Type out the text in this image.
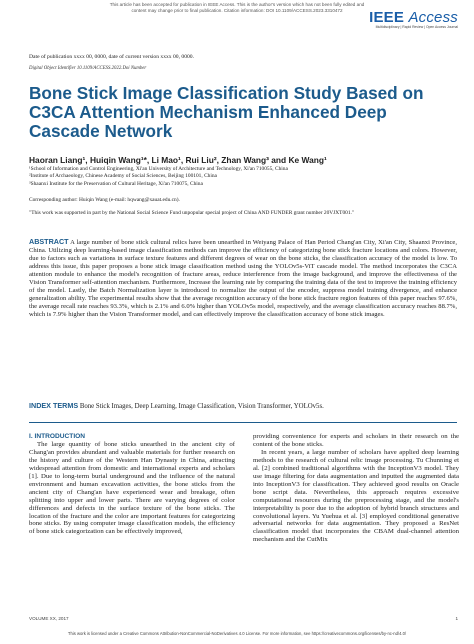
This article has been accepted for publication in IEEE Access. This is the author's version which has not been fully edited and
content may change prior to final publication. Citation information: DOI 10.1109/ACCESS.2023.3310472	IEEE Access
Multidisciplinary | Rapid Review | Open Access Journal
Date of publication xxxx 00, 0000, date of current version xxxx 00, 0000.
Digital Object Identifier 10.1109/ACCESS.2022.Doi Number
Bone Stick Image Classification Study Based on C3CA Attention Mechanism Enhanced Deep Cascade Network
Haoran Liang¹, Huiqin Wang¹*, Li Mao¹, Rui Liu², Zhan Wang³ and Ke Wang¹
¹School of Information and Control Engineering, Xi'an University of Architecture and Technology, Xi'an 710055, China
²Institute of Archaeology, Chinese Academy of Social Sciences, Beijing 100101, China
³Shaanxi Institute for the Preservation of Cultural Heritage, Xi'an 710075, China
Corresponding author: Huiqin Wang (e-mail: hqwang@xauat.edu.cn).
"This work was supported in part by the National Social Science Fund unpopular special project of China AND FUNDER grant number 20VJXT001."
ABSTRACT A large number of bone stick cultural relics have been unearthed in Weiyang Palace of Han Period Chang'an City, Xi'an City, Shaanxi Province, China. Utilizing deep learning-based image classification methods can improve the efficiency of categorizing bone stick fracture locations and colors. However, due to factors such as variations in surface texture features and different degrees of wear on the bone sticks, the classification accuracy of the model is low. To address this issue, this paper proposes a bone stick image classification method using the YOLOv5s-ViT cascade model. The method incorporates the C3CA attention module to enhance the model's recognition of fracture areas, reduce interference from the image background, and improve the effectiveness of the Vision Transformer self-attention mechanism. Furthermore, Increase the learning rate by comparing the training data of the test to improve the training efficiency of the model. Lastly, the Batch Normalization layer is introduced to normalize the output of the encoder, suppress model training divergence, and enhance generalization ability. The experimental results show that the average recognition accuracy of the bone stick fracture region features of this paper reaches 97.6%, the average recall rate reaches 93.3%, which is 2.1% and 6.0% higher than YOLOv5s model, respectively, and the average classification accuracy reaches 88.7%, which is 7.9% higher than the Vision Transformer model, and can effectively improve the classification accuracy of bone stick images.
INDEX TERMS Bone Stick Images, Deep Learning, Image Classification, Vision Transformer, YOLOv5s.

I. INTRODUCTION

The large quantity of bone sticks unearthed in the ancient city of Chang'an provides abundant and valuable materials for further research on the history and culture of the Western Han Dynasty in China, attracting widespread attention from domestic and international experts and scholars [1]. Due to long-term burial underground and the influence of the natural environment and human excavation activities, the bone sticks from the ancient city of Chang'an have experienced wear and breakage, often splitting into upper and lower parts. There are varying degrees of color differences and defects in the surface texture of the bone sticks. The location of the fracture and the color are important features for categorizing bone sticks. By using computer image classification models, the efficiency of bone stick categorization can be effectively improved,

providing convenience for experts and scholars in their research on the content of the bone sticks.

In recent years, a large number of scholars have applied deep learning methods to the research of cultural relic image processing. Tu Chunning et al. [2] combined traditional algorithms with the InceptionV3 model. They use image filtering for data augmentation and inputted the augmented data into InceptionV3 for classification. They achieved good results on Oracle bone script data. Nevertheless, this approach requires excessive computational resources during the preprocessing stage, and the model's interpretability is poor due to the adoption of hybrid branch structures and convolutional layers. Yu Yuehua et al. [3] employed conditional generative adversarial networks for data augmentation. They proposed a ResNet classification model that incorporates the CBAM dual-channel attention mechanism and the CutMix

VOLUME XX, 2017	1
This work is licensed under a Creative Commons Attribution-NonCommercial-NoDerivatives 4.0 License. For more information, see https://creativecommons.org/licenses/by-nc-nd/4.0/
